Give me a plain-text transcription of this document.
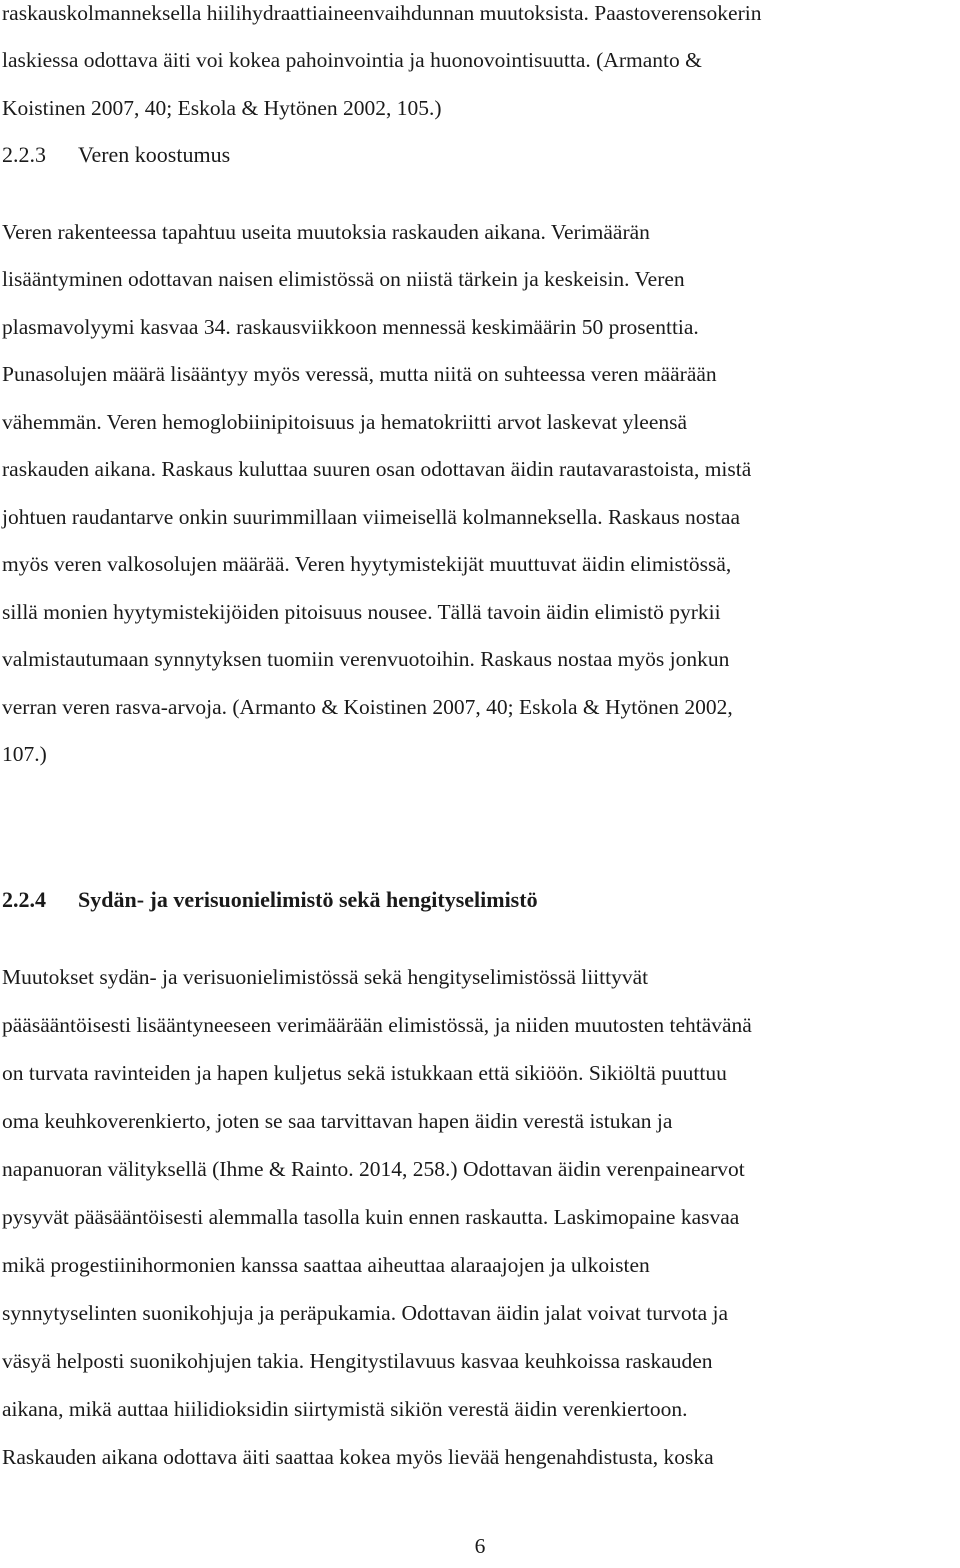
raskauskolmanneksella hiilihydraattiaineenvaihdunnan muutoksista. Paastoverensokerin

laskiessa odottava äiti voi kokea pahoinvointia ja huonovointisuutta. (Armanto &

Koistinen 2007, 40; Eskola & Hytönen 2002, 105.)

2.2.3 Veren koostumus

Veren rakenteessa tapahtuu useita muutoksia raskauden aikana. Verimäärän

lisääntyminen odottavan naisen elimistössä on niistä tärkein ja keskeisin. Veren

plasmavolyymi kasvaa 34. raskausviikkoon mennessä keskimäärin 50 prosenttia.

Punasolujen määrä lisääntyy myös veressä, mutta niitä on suhteessa veren määrään

vähemmän. Veren hemoglobiinipitoisuus ja hematokriitti arvot laskevat yleensä

raskauden aikana. Raskaus kuluttaa suuren osan odottavan äidin rautavarastoista, mistä

johtuen raudantarve onkin suurimmillaan viimeisellä kolmanneksella. Raskaus nostaa

myös veren valkosolujen määrää. Veren hyytymistekijät muuttuvat äidin elimistössä,

sillä monien hyytymistekijöiden pitoisuus nousee. Tällä tavoin äidin elimistö pyrkii

valmistautumaan synnytyksen tuomiin verenvuotoihin. Raskaus nostaa myös jonkun

verran veren rasva-arvoja. (Armanto & Koistinen 2007, 40; Eskola & Hytönen 2002,

107.)

2.2.4 Sydän- ja verisuonielimistö sekä hengityselimistö

Muutokset sydän- ja verisuonielimistössä sekä hengityselimistössä liittyvät

pääsääntöisesti lisääntyneeseen verimäärään elimistössä, ja niiden muutosten tehtävänä

on turvata ravinteiden ja hapen kuljetus sekä istukkaan että sikiöön. Sikiöltä puuttuu

oma keuhkoverenkierto, joten se saa tarvittavan hapen äidin verestä istukan ja

napanuoran välityksellä (Ihme & Rainto. 2014, 258.) Odottavan äidin verenpainearvot

pysyvät pääsääntöisesti alemmalla tasolla kuin ennen raskautta. Laskimopaine kasvaa

mikä progestiinihormonien kanssa saattaa aiheuttaa alaraajojen ja ulkoisten

synnytyselinten suonikohjuja ja peräpukamia. Odottavan äidin jalat voivat turvota ja

väsyä helposti suonikohjujen takia. Hengitystilavuus kasvaa keuhkoissa raskauden

aikana, mikä auttaa hiilidioksidin siirtymistä sikiön verestä äidin verenkiertoon.

Raskauden aikana odottava äiti saattaa kokea myös lievää hengenahdistusta, koska

6
